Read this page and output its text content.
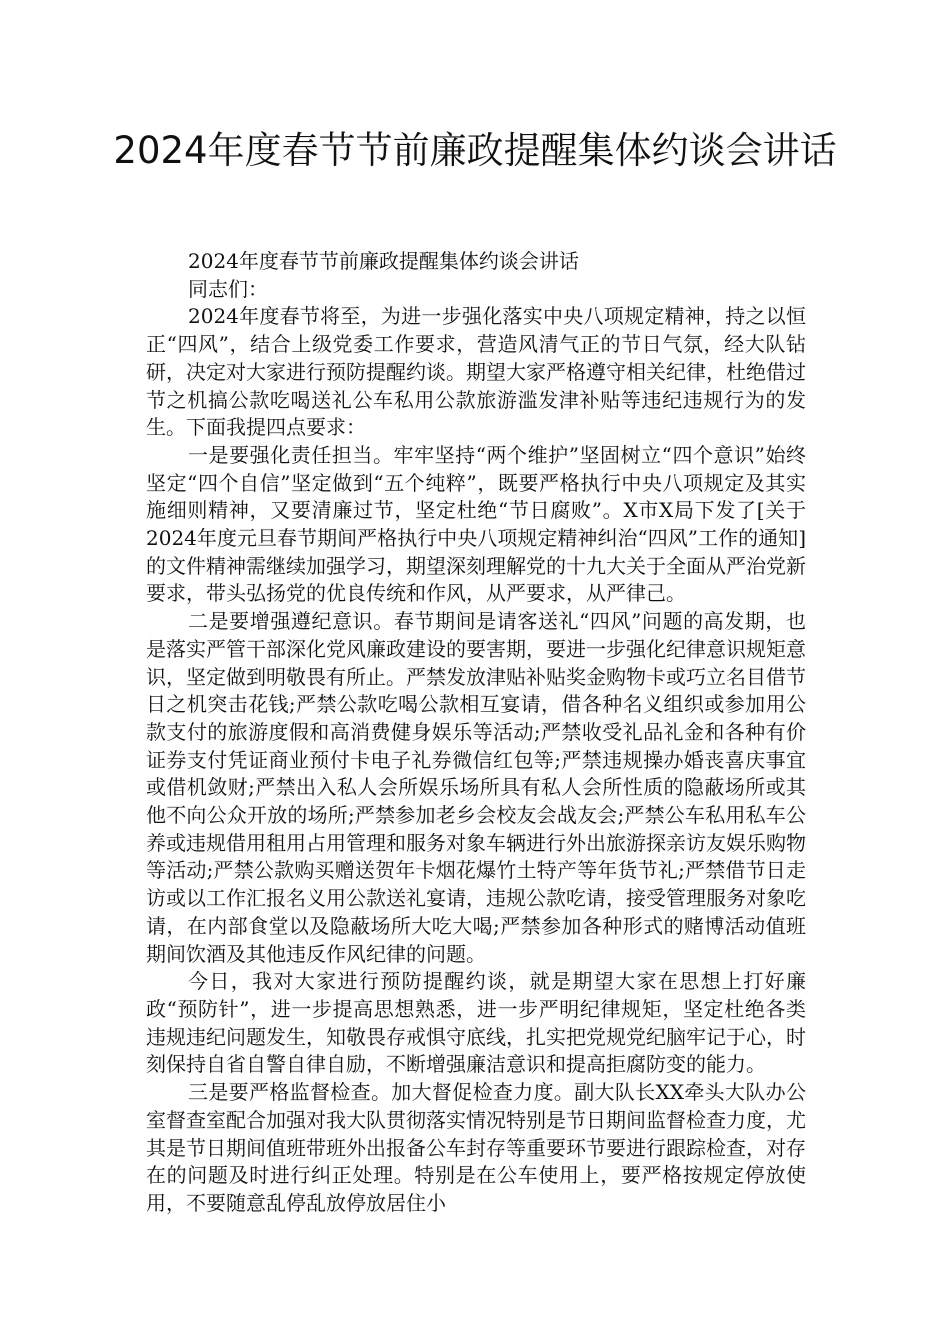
2024年度春节节前廉政提醒集体约谈会讲话

2024年度春节节前廉政提醒集体约谈会讲话

同志们：

2024年度春节将至，为进一步强化落实中央八项规定精神，持之以恒正“四风”，结合上级党委工作要求，营造风清气正的节日气氛，经大队钻研，决定对大家进行预防提醒约谈。期望大家严格遵守相关纪律，杜绝借过节之机搞公款吃喝送礼公车私用公款旅游滥发津补贴等违纪违规行为的发生。下面我提四点要求：

一是要强化责任担当。牢牢坚持“两个维护”坚固树立“四个意识”始终坚定“四个自信”坚定做到“五个纯粹”，既要严格执行中央八项规定及其实施细则精神，又要清廉过节，坚定杜绝“节日腐败”。X市X局下发了[关于2024年度元旦春节期间严格执行中央八项规定精神纠治“四风”工作的通知]的文件精神需继续加强学习，期望深刻理解党的十九大关于全面从严治党新要求，带头弘扬党的优良传统和作风，从严要求，从严律己。

二是要增强遵纪意识。春节期间是请客送礼“四风”问题的高发期，也是落实严管干部深化党风廉政建设的要害期，要进一步强化纪律意识规矩意识，坚定做到明敬畏有所止。严禁发放津贴补贴奖金购物卡或巧立名目借节日之机突击花钱;严禁公款吃喝公款相互宴请，借各种名义组织或参加用公款支付的旅游度假和高消费健身娱乐等活动;严禁收受礼品礼金和各种有价证券支付凭证商业预付卡电子礼券微信红包等;严禁违规操办婚丧喜庆事宜或借机敛财;严禁出入私人会所娱乐场所具有私人会所性质的隐蔽场所或其他不向公众开放的场所;严禁参加老乡会校友会战友会;严禁公车私用私车公养或违规借用租用占用管理和服务对象车辆进行外出旅游探亲访友娱乐购物等活动;严禁公款购买赠送贺年卡烟花爆竹土特产等年货节礼;严禁借节日走访或以工作汇报名义用公款送礼宴请，违规公款吃请，接受管理服务对象吃请，在内部食堂以及隐蔽场所大吃大喝;严禁参加各种形式的赌博活动值班期间饮酒及其他违反作风纪律的问题。

今日，我对大家进行预防提醒约谈，就是期望大家在思想上打好廉政“预防针”，进一步提高思想熟悉，进一步严明纪律规矩，坚定杜绝各类违规违纪问题发生，知敬畏存戒惧守底线，扎实把党规党纪脑牢记于心，时刻保持自省自警自律自励，不断增强廉洁意识和提高拒腐防变的能力。

三是要严格监督检查。加大督促检查力度。副大队长XX牵头大队办公室督查室配合加强对我大队贯彻落实情况特别是节日期间监督检查力度，尤其是节日期间值班带班外出报备公车封存等重要环节要进行跟踪检查，对存在的问题及时进行纠正处理。特别是在公车使用上，要严格按规定停放使用，不要随意乱停乱放停放居住小
